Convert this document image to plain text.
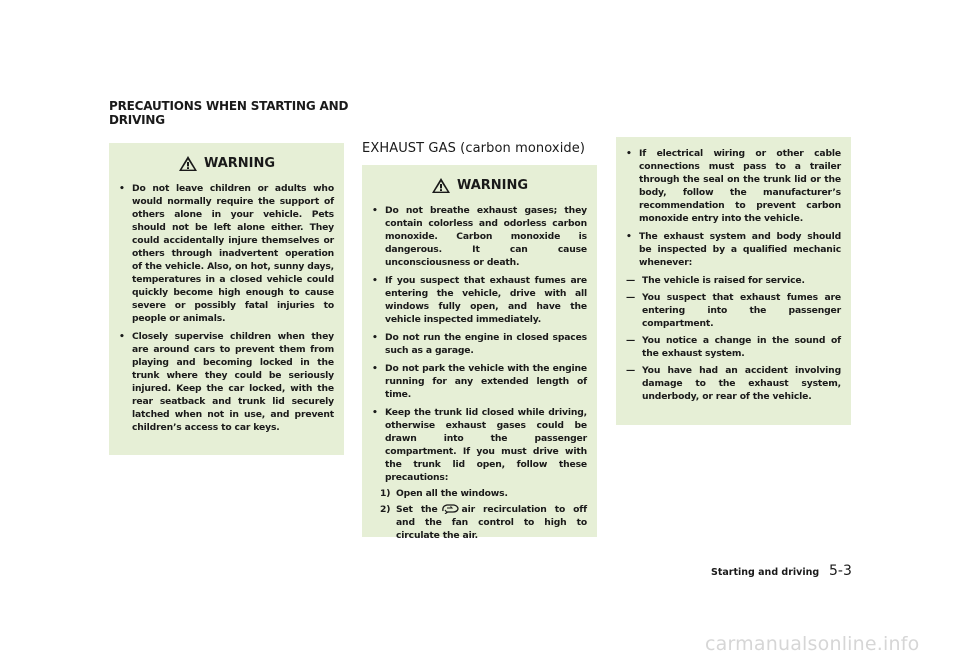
PRECAUTIONS WHEN STARTING AND DRIVING
WARNING
• Do not leave children or adults who would normally require the support of others alone in your vehicle. Pets should not be left alone either. They could accidentally injure themselves or others through inadvertent operation of the vehicle. Also, on hot, sunny days, temperatures in a closed vehicle could quickly become high enough to cause severe or possibly fatal injuries to people or animals.
• Closely supervise children when they are around cars to prevent them from playing and becoming locked in the trunk where they could be seriously injured. Keep the car locked, with the rear seatback and trunk lid securely latched when not in use, and prevent children’s access to car keys.
EXHAUST GAS (carbon monoxide)
WARNING
• Do not breathe exhaust gases; they contain colorless and odorless carbon monoxide. Carbon monoxide is dangerous. It can cause unconsciousness or death.
• If you suspect that exhaust fumes are entering the vehicle, drive with all windows fully open, and have the vehicle inspected immediately.
• Do not run the engine in closed spaces such as a garage.
• Do not park the vehicle with the engine running for any extended length of time.
• Keep the trunk lid closed while driving, otherwise exhaust gases could be drawn into the passenger compartment. If you must drive with the trunk lid open, follow these precautions:
1) Open all the windows.
2) Set the	air recirculation to off and the fan control to high to circulate the air.
• If electrical wiring or other cable connections must pass to a trailer through the seal on the trunk lid or the body, follow the manufacturer’s recommendation to prevent carbon monoxide entry into the vehicle.
• The exhaust system and body should be inspected by a qualified mechanic whenever:
— The vehicle is raised for service.
— You suspect that exhaust fumes are entering into the passenger compartment.
— You notice a change in the sound of the exhaust system.
— You have had an accident involving damage to the exhaust system, underbody, or rear of the vehicle.
Starting and driving 5-3
carmanualsonline.info
